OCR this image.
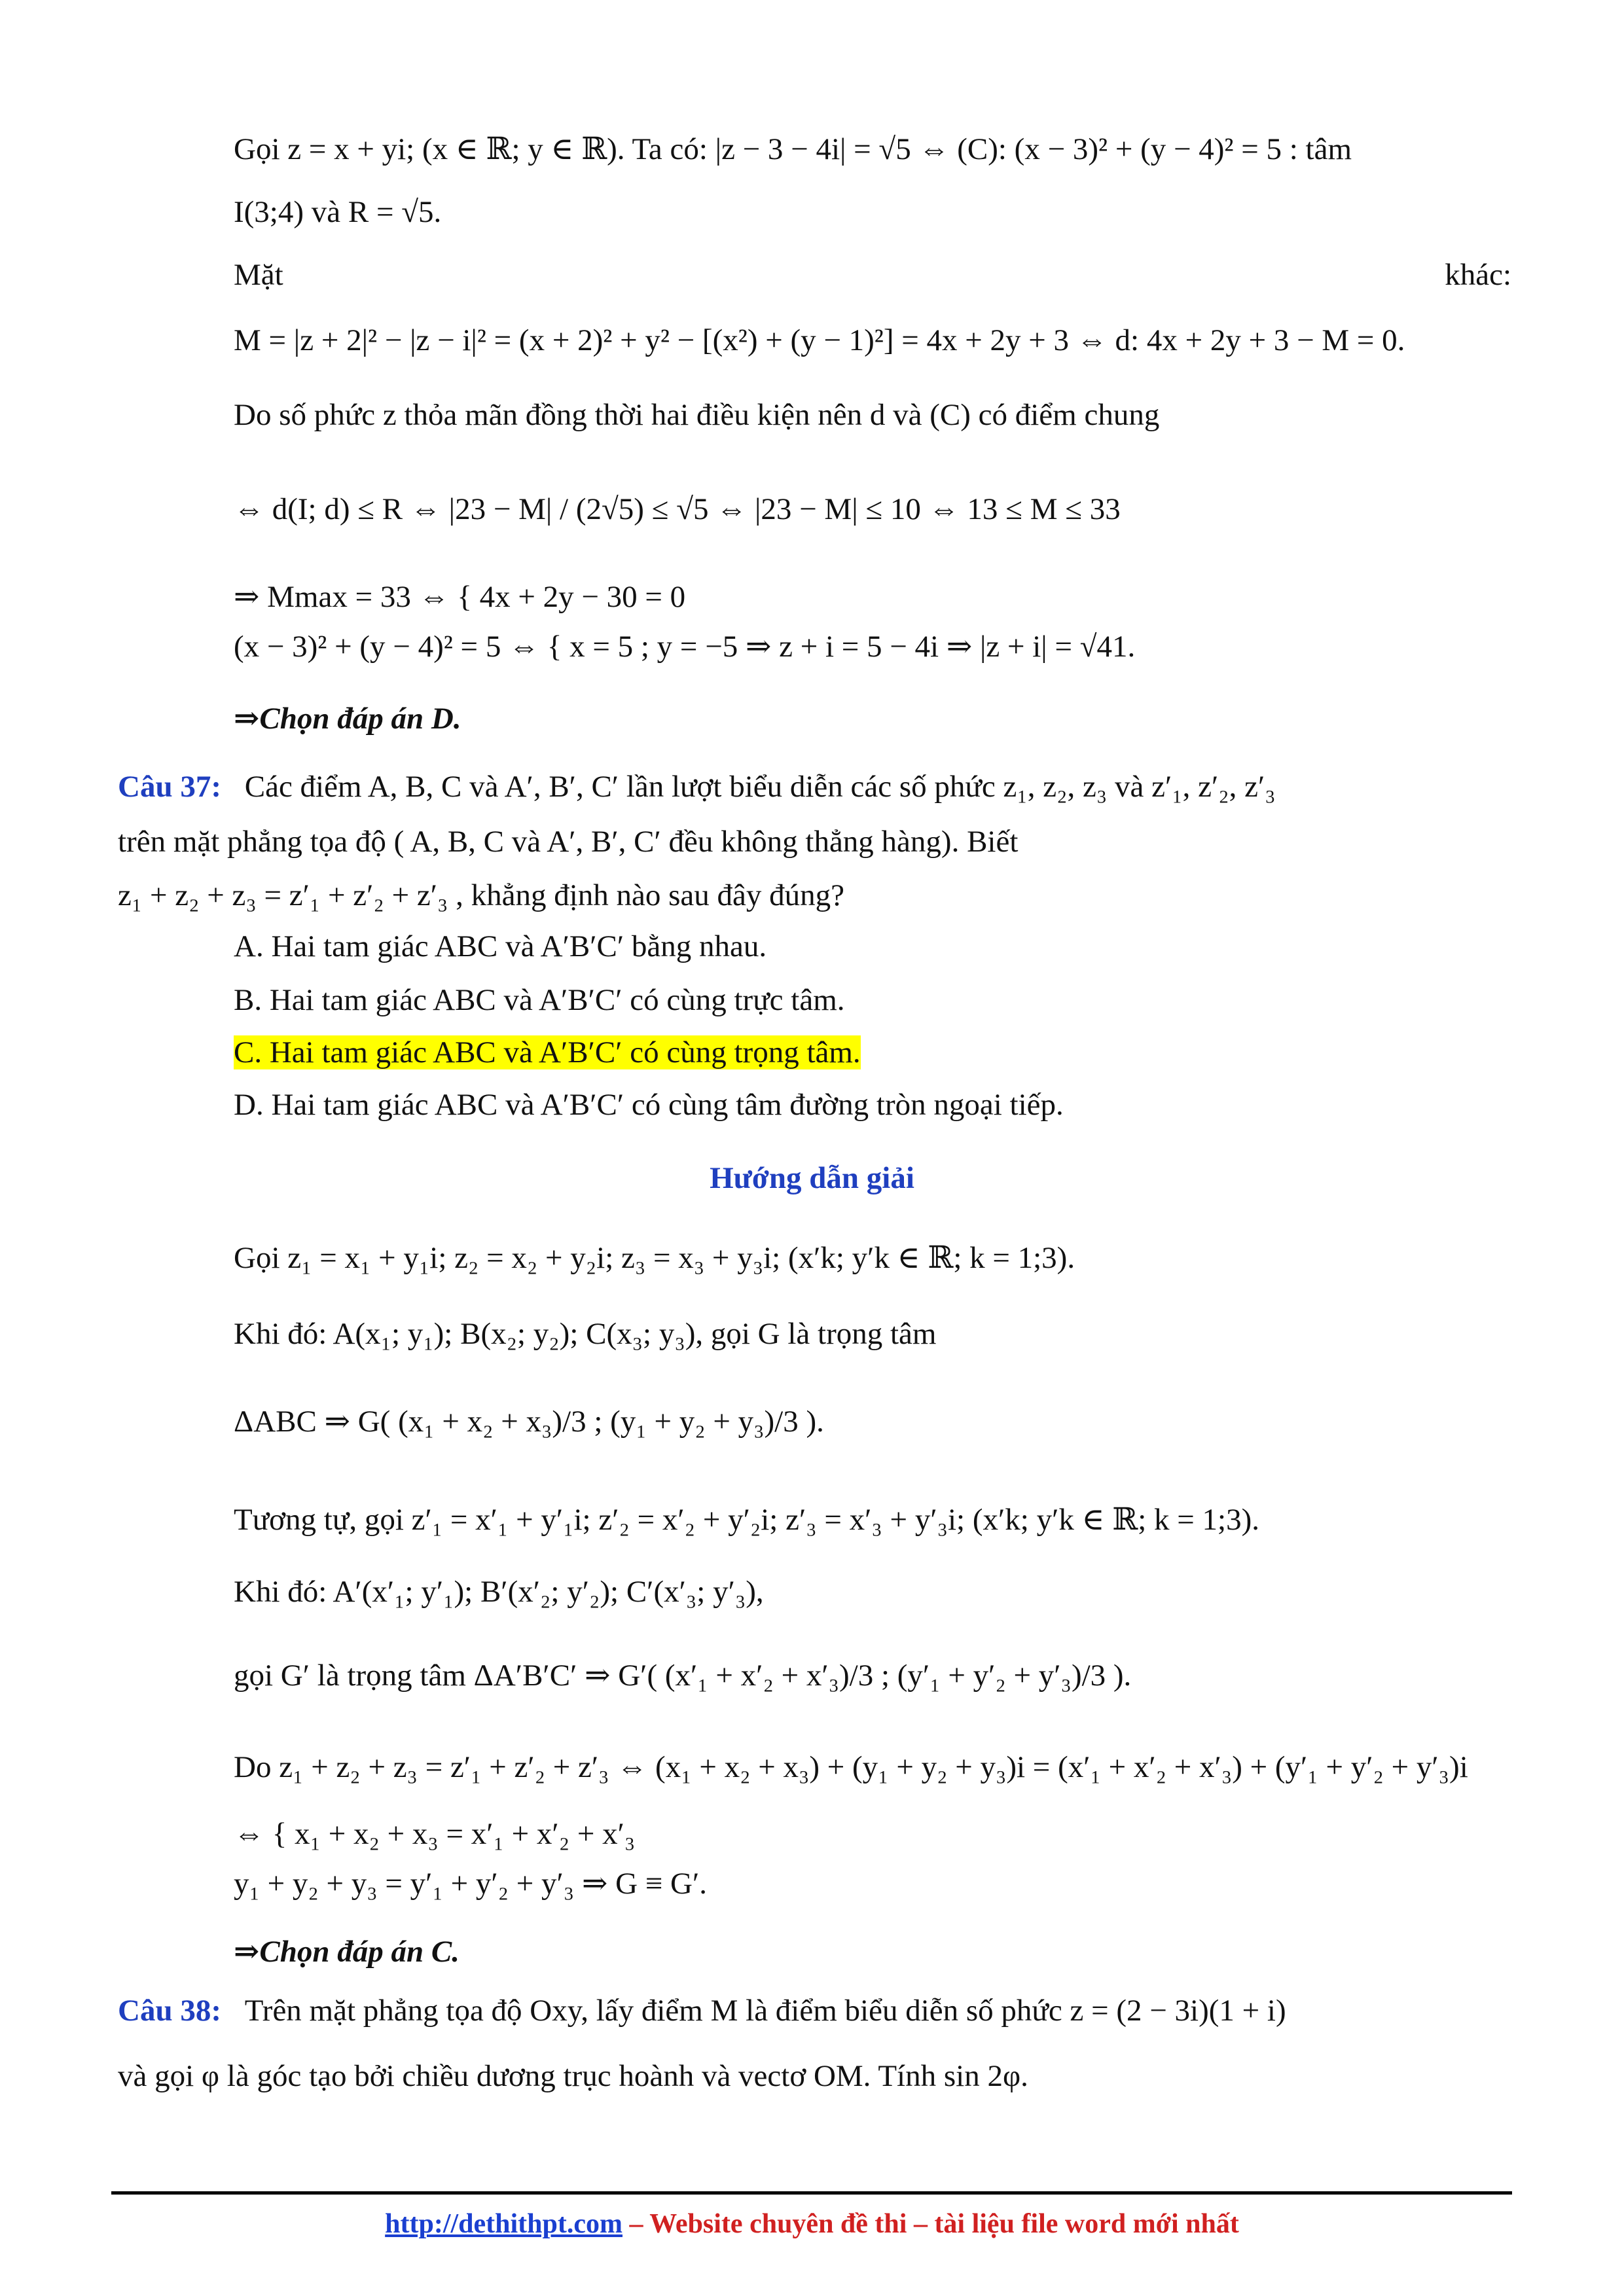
Gọi z = x + yi; (x ∈ ℝ; y ∈ ℝ). Ta có: |z − 3 − 4i| = √5 ⇔ (C): (x − 3)² + (y − 4)² = 5 : tâm
I(3;4) và R = √5.
Mặt	khác:
M = |z + 2|² − |z − i|² = (x + 2)² + y² − [(x²) + (y − 1)²] = 4x + 2y + 3 ⇔ d: 4x + 2y + 3 − M = 0.
Do số phức z thỏa mãn đồng thời hai điều kiện nên d và (C) có điểm chung
⇔ d(I; d) ≤ R ⇔ |23 − M| / (2√5) ≤ √5 ⇔ |23 − M| ≤ 10 ⇔ 13 ≤ M ≤ 33
⇒ Mmax = 33 ⇔ { 4x + 2y − 30 = 0
(x − 3)² + (y − 4)² = 5 ⇔ { x = 5 ; y = −5 ⇒ z + i = 5 − 4i ⇒ |z + i| = √41.
⇒Chọn đáp án D.
Câu 37: Các điểm A, B, C và A′, B′, C′ lần lượt biểu diễn các số phức z₁, z₂, z₃ và z′₁, z′₂, z′₃
trên mặt phẳng tọa độ ( A, B, C và A′, B′, C′ đều không thẳng hàng). Biết
z₁ + z₂ + z₃ = z′₁ + z′₂ + z′₃ , khẳng định nào sau đây đúng?
A. Hai tam giác ABC và A′B′C′ bằng nhau.
B. Hai tam giác ABC và A′B′C′ có cùng trực tâm.
C. Hai tam giác ABC và A′B′C′ có cùng trọng tâm.
D. Hai tam giác ABC và A′B′C′ có cùng tâm đường tròn ngoại tiếp.
Hướng dẫn giải
Gọi z₁ = x₁ + y₁i; z₂ = x₂ + y₂i; z₃ = x₃ + y₃i; (x′k; y′k ∈ ℝ; k = 1;3).
Khi đó: A(x₁; y₁); B(x₂; y₂); C(x₃; y₃), gọi G là trọng tâm
ΔABC ⇒ G( (x₁ + x₂ + x₃)/3 ; (y₁ + y₂ + y₃)/3 ).
Tương tự, gọi z′₁ = x′₁ + y′₁i; z′₂ = x′₂ + y′₂i; z′₃ = x′₃ + y′₃i; (x′k; y′k ∈ ℝ; k = 1;3).
Khi đó: A′(x′₁; y′₁); B′(x′₂; y′₂); C′(x′₃; y′₃),
gọi G′ là trọng tâm ΔA′B′C′ ⇒ G′( (x′₁ + x′₂ + x′₃)/3 ; (y′₁ + y′₂ + y′₃)/3 ).
Do z₁ + z₂ + z₃ = z′₁ + z′₂ + z′₃ ⇔ (x₁ + x₂ + x₃) + (y₁ + y₂ + y₃)i = (x′₁ + x′₂ + x′₃) + (y′₁ + y′₂ + y′₃)i
⇔ { x₁ + x₂ + x₃ = x′₁ + x′₂ + x′₃
y₁ + y₂ + y₃ = y′₁ + y′₂ + y′₃ ⇒ G ≡ G′.
⇒Chọn đáp án C.
Câu 38: Trên mặt phẳng tọa độ Oxy, lấy điểm M là điểm biểu diễn số phức z = (2 − 3i)(1 + i)
và gọi φ là góc tạo bởi chiều dương trục hoành và vectơ OM. Tính sin 2φ.
http://dethithpt.com – Website chuyên đề thi – tài liệu file word mới nhất
